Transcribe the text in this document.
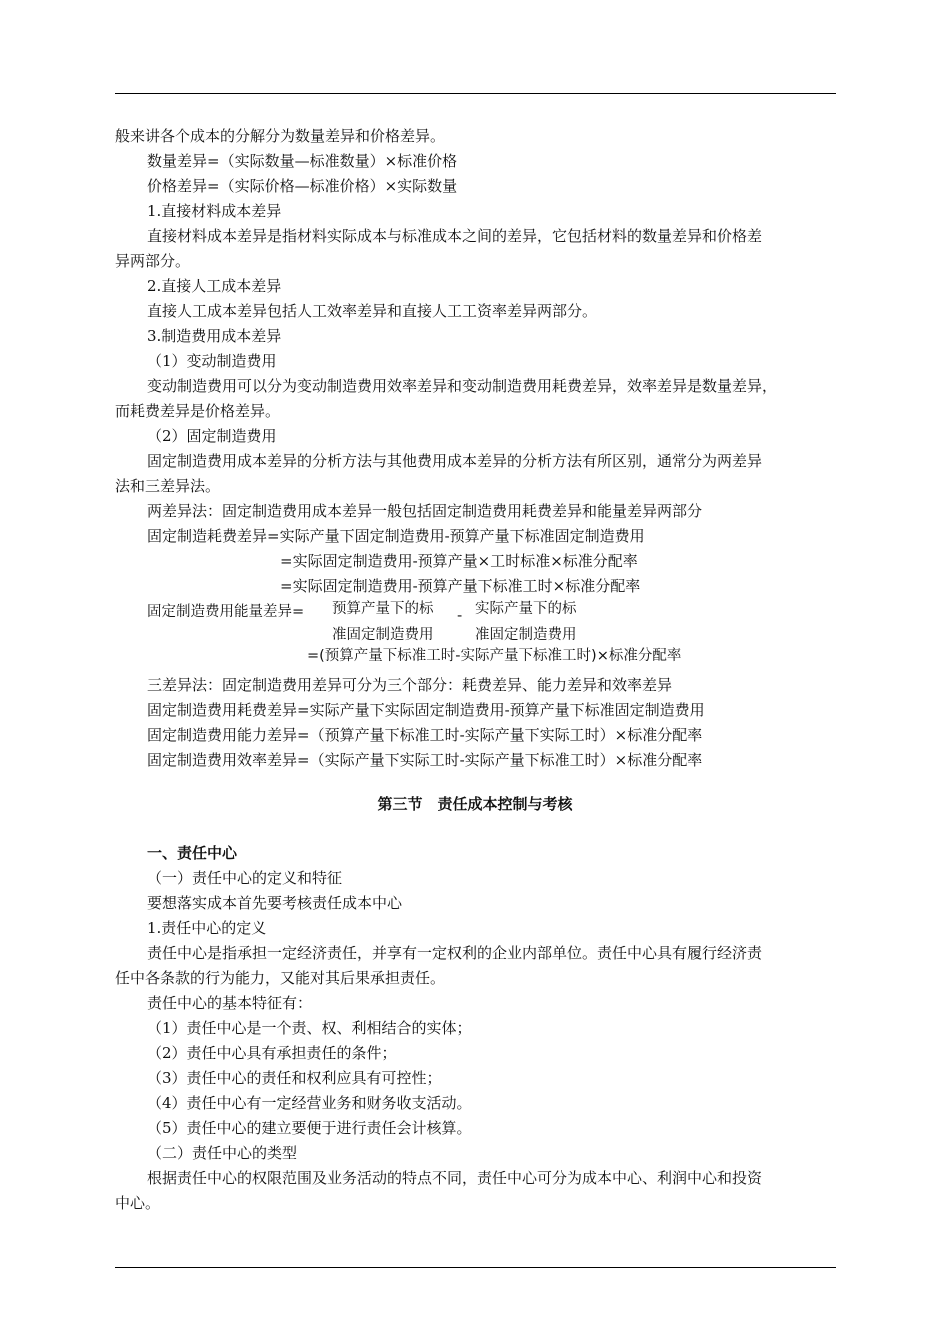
般来讲各个成本的分解分为数量差异和价格差异。
数量差异=（实际数量—标准数量）×标准价格
价格差异=（实际价格—标准价格）×实际数量
1.直接材料成本差异
直接材料成本差异是指材料实际成本与标准成本之间的差异，它包括材料的数量差异和价格差
异两部分。
2.直接人工成本差异
直接人工成本差异包括人工效率差异和直接人工工资率差异两部分。
3.制造费用成本差异
（1）变动制造费用
变动制造费用可以分为变动制造费用效率差异和变动制造费用耗费差异，效率差异是数量差异，
而耗费差异是价格差异。
（2）固定制造费用
固定制造费用成本差异的分析方法与其他费用成本差异的分析方法有所区别，通常分为两差异
法和三差异法。
两差异法：固定制造费用成本差异一般包括固定制造费用耗费差异和能量差异两部分
固定制造耗费差异=实际产量下固定制造费用-预算产量下标准固定制造费用
=实际固定制造费用-预算产量×工时标准×标准分配率
=实际固定制造费用-预算产量下标准工时×标准分配率
固定制造费用能量差异= 预算产量下的标
准固定制造费用
- 实际产量下的标
准固定制造费用
=(预算产量下标准工时-实际产量下标准工时)×标准分配率
三差异法：固定制造费用差异可分为三个部分：耗费差异、能力差异和效率差异
固定制造费用耗费差异=实际产量下实际固定制造费用-预算产量下标准固定制造费用
固定制造费用能力差异=（预算产量下标准工时-实际产量下实际工时）×标准分配率
固定制造费用效率差异=（实际产量下实际工时-实际产量下标准工时）×标准分配率
第三节　责任成本控制与考核
一、责任中心
（一）责任中心的定义和特征
要想落实成本首先要考核责任成本中心
1.责任中心的定义
责任中心是指承担一定经济责任，并享有一定权利的企业内部单位。责任中心具有履行经济责
任中各条款的行为能力，又能对其后果承担责任。
责任中心的基本特征有：
（1）责任中心是一个责、权、利相结合的实体；
（2）责任中心具有承担责任的条件；
（3）责任中心的责任和权利应具有可控性；
（4）责任中心有一定经营业务和财务收支活动。
（5）责任中心的建立要便于进行责任会计核算。
（二）责任中心的类型
根据责任中心的权限范围及业务活动的特点不同，责任中心可分为成本中心、利润中心和投资
中心。
